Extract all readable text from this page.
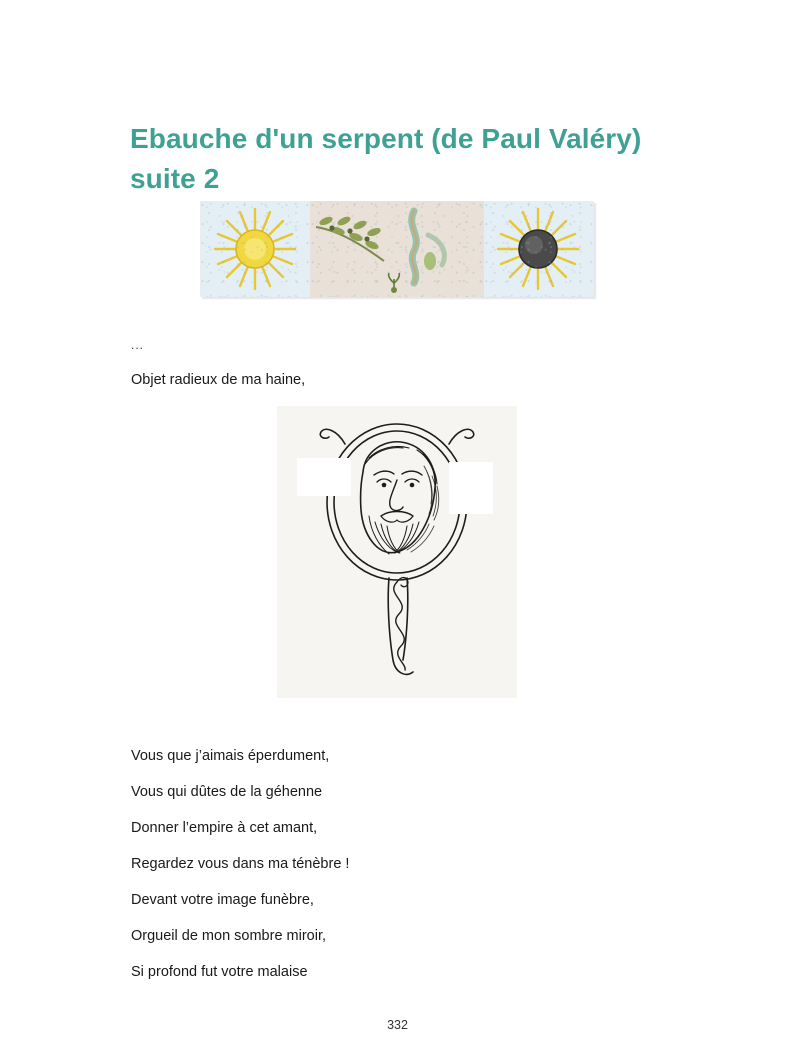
Ebauche d'un serpent (de Paul Valéry) suite 2
...
Objet radieux de ma haine,
Vous que j’aimais éperdument,
Vous qui dûtes de la géhenne
Donner l’empire à cet amant,
Regardez vous dans ma ténèbre !
Devant votre image funèbre,
Orgueil de mon sombre miroir,
Si profond fut votre malaise
332
